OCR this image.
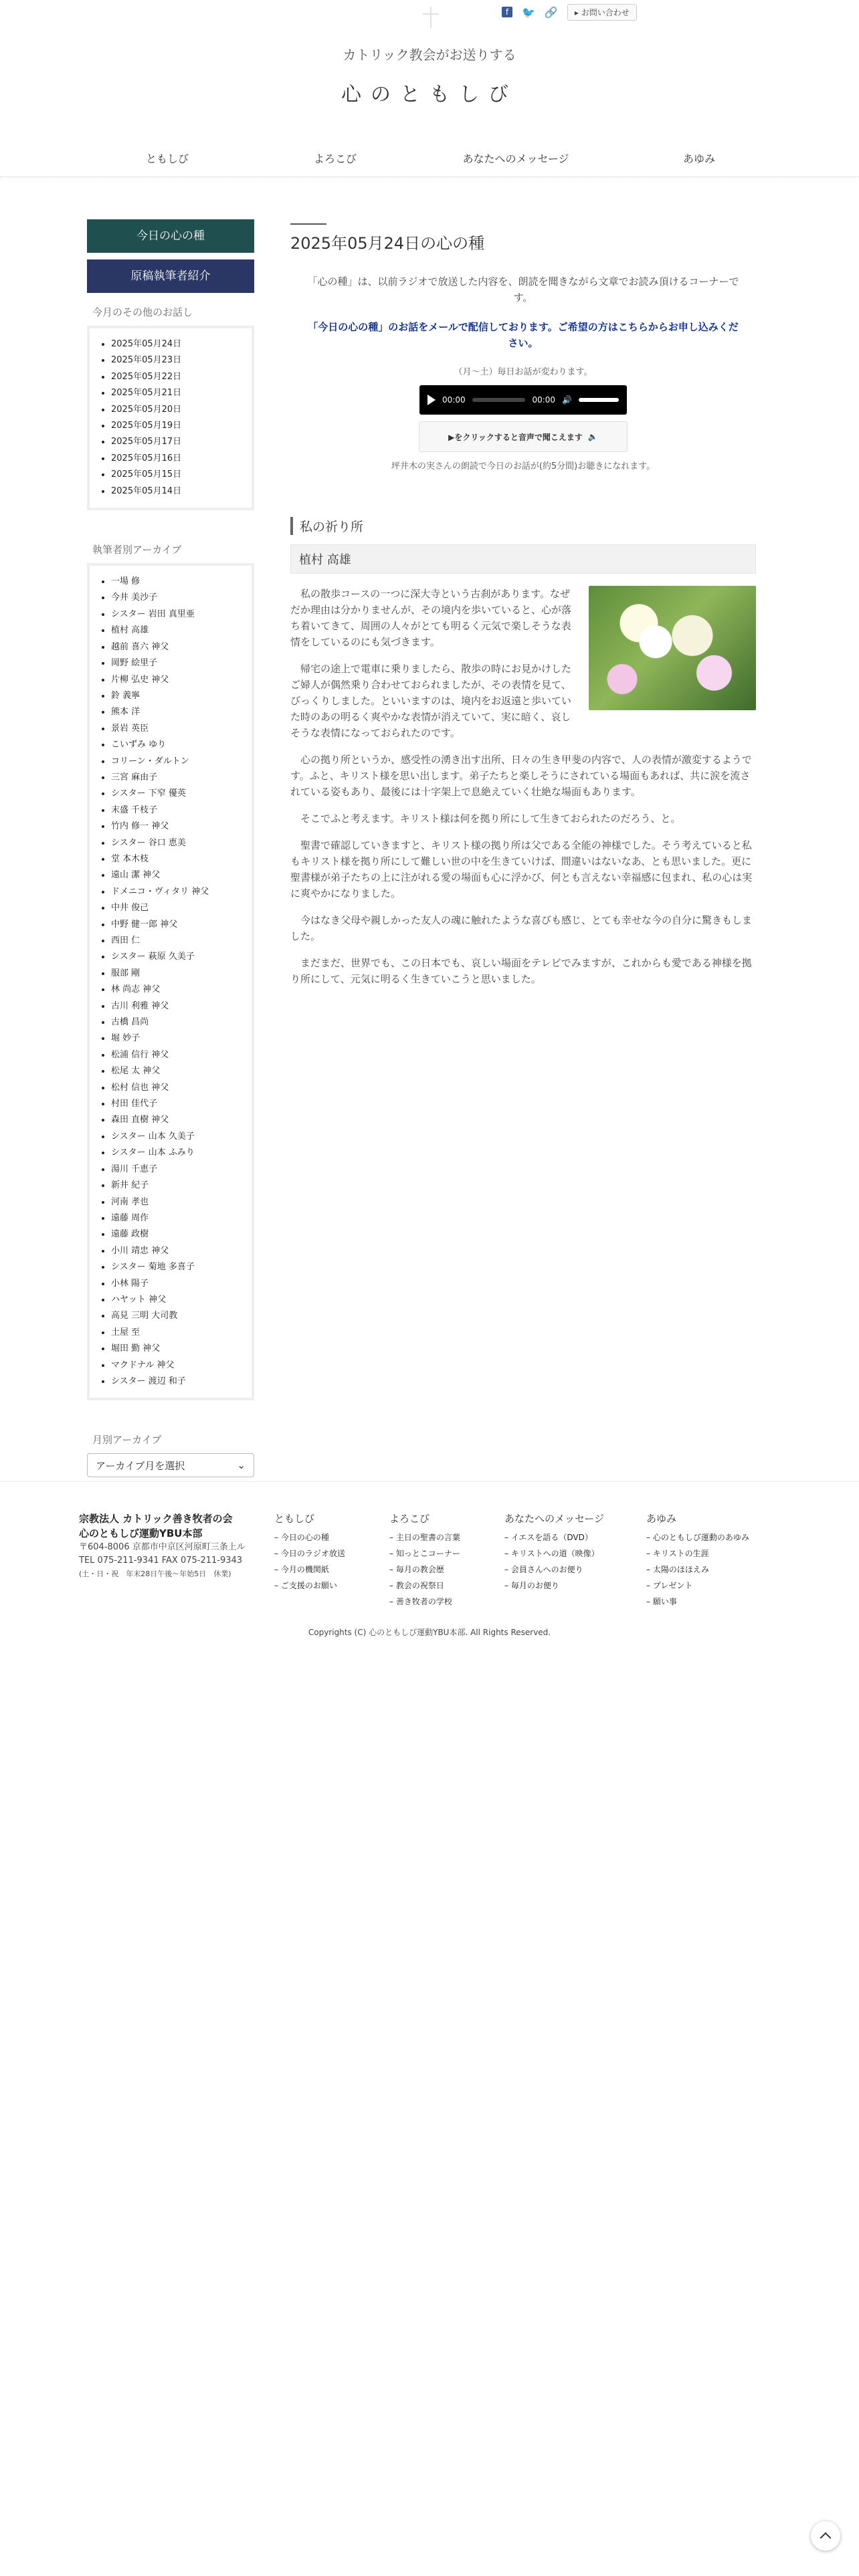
f	🐦 🔗	▸ お問い合わせ
カトリック教会がお送りする
心のともしび
ともしび	よろこび	あなたへのメッセージ	あゆみ
今日の心の種
原稿執筆者紹介
今月のその他のお話し
• 2025年05月24日
• 2025年05月23日
• 2025年05月22日
• 2025年05月21日
• 2025年05月20日
• 2025年05月19日
• 2025年05月17日
• 2025年05月16日
• 2025年05月15日
• 2025年05月14日
執筆者別アーカイブ
• 一場 修
• 今井 美沙子
• シスター 岩田 真里亜
• 植村 高雄
• 越前 喜六 神父
• 岡野 絵里子
• 片柳 弘史 神父
• 鈴 義寧
• 熊本 洋
• 景岩 英臣
• こいずみ ゆり
• コリーン・ダルトン
• 三宮 麻由子
• シスター 下窄 優英
• 末盛 千枝子
• 竹内 修一 神父
• シスター 谷口 恵美
• 堂 本木枝
• 遠山 潔 神父
• ドメニコ・ヴィタリ 神父
• 中井 俊己
• 中野 健一郎 神父
• 西田 仁
• シスター 萩原 久美子
• 服部 剛
• 林 尚志 神父
• 古川 利雅 神父
• 古橋 昌尚
• 堀 妙子
• 松浦 信行 神父
• 松尾 太 神父
• 松村 信也 神父
• 村田 佳代子
• 森田 直樹 神父
• シスター 山本 久美子
• シスター 山本 ふみり
• 湯川 千恵子
• 新井 紀子
• 河南 孝也
• 遠藤 周作
• 遠藤 政樹
• 小川 靖忠 神父
• シスター 菊地 多喜子
• 小林 陽子
• ハヤット 神父
• 高見 三明 大司教
• 土屋 至
• 堀田 勤 神父
• マクドナル 神父
• シスター 渡辺 和子
月別アーカイブ
アーカイブ月を選択	⌄
2025年05月24日の心の種
「心の種」は、以前ラジオで放送した内容を、朗読を聞きながら文章でお読み頂けるコーナーです。
「今日の心の種」のお話をメールで配信しております。ご希望の方はこちらからお申し込みください。
（月〜土）毎日お話が変わります。
00:00	00:00 🔊
▶をクリックすると音声で聞こえます 🔈
坪井木の実さんの朗読で今日のお話が(約5分間)お聴きになれます。
私の祈り所
植村 高雄

私の散歩コースの一つに深大寺という古刹があります。なぜだか理由は分かりませんが、その境内を歩いていると、心が落ち着いてきて、周囲の人々がとても明るく元気で楽しそうな表情をしているのにも気づきます。

帰宅の途上で電車に乗りましたら、散歩の時にお見かけしたご婦人が偶然乗り合わせておられましたが、その表情を見て、びっくりしました。といいますのは、境内をお返遠と歩いていた時のあの明るく爽やかな表情が消えていて、実に暗く、哀しそうな表情になっておられたのです。

心の拠り所というか、感受性の湧き出す出所、日々の生き甲斐の内容で、人の表情が激変するようです。ふと、キリスト様を思い出します。弟子たちと楽しそうにされている場面もあれば、共に涙を流されている姿もあり、最後には十字架上で息絶えていく壮絶な場面もあります。

そこでふと考えます。キリスト様は何を拠り所にして生きておられたのだろう、と。

聖書で確認していきますと、キリスト様の拠り所は父である全能の神様でした。そう考えていると私もキリスト様を拠り所にして難しい世の中を生きていけば、間違いはないなあ、とも思いました。更に聖書様が弟子たちの上に注がれる愛の場面も心に浮かび、何とも言えない幸福感に包まれ、私の心は実に爽やかになりました。

今はなき父母や親しかった友人の魂に触れたような喜びも感じ、とても幸せな今の自分に驚きもしました。

まだまだ、世界でも、この日本でも、哀しい場面をテレビでみますが、これからも愛である神様を拠り所にして、元気に明るく生きていこうと思いました。

宗教法人 カトリック善き牧者の会
心のともしび運動YBU本部
〒604-8006 京都市中京区河原町三条上ル
TEL 075-211-9341 FAX 075-211-9343
(土・日・祝　年末28日午後〜年始5日　休業)
ともしび
– 今日の心の種
– 今日のラジオ放送
– 今月の機関紙
– ご支援のお願い
よろこび
– 主日の聖書の言葉
– 知っとこコーナー
– 毎月の教会歴
– 教会の祝祭日
– 善き牧者の学校
あなたへのメッセージ
– イエスを語る（DVD）
– キリストへの道（映像）
– 会員さんへのお便り
– 毎月のお便り
あゆみ
– 心のともしび運動のあゆみ
– キリストの生涯
– 太陽のほほえみ
– プレゼント
– 願い事
Copyrights (C) 心のともしび運動YBU本部. All Rights Reserved.
